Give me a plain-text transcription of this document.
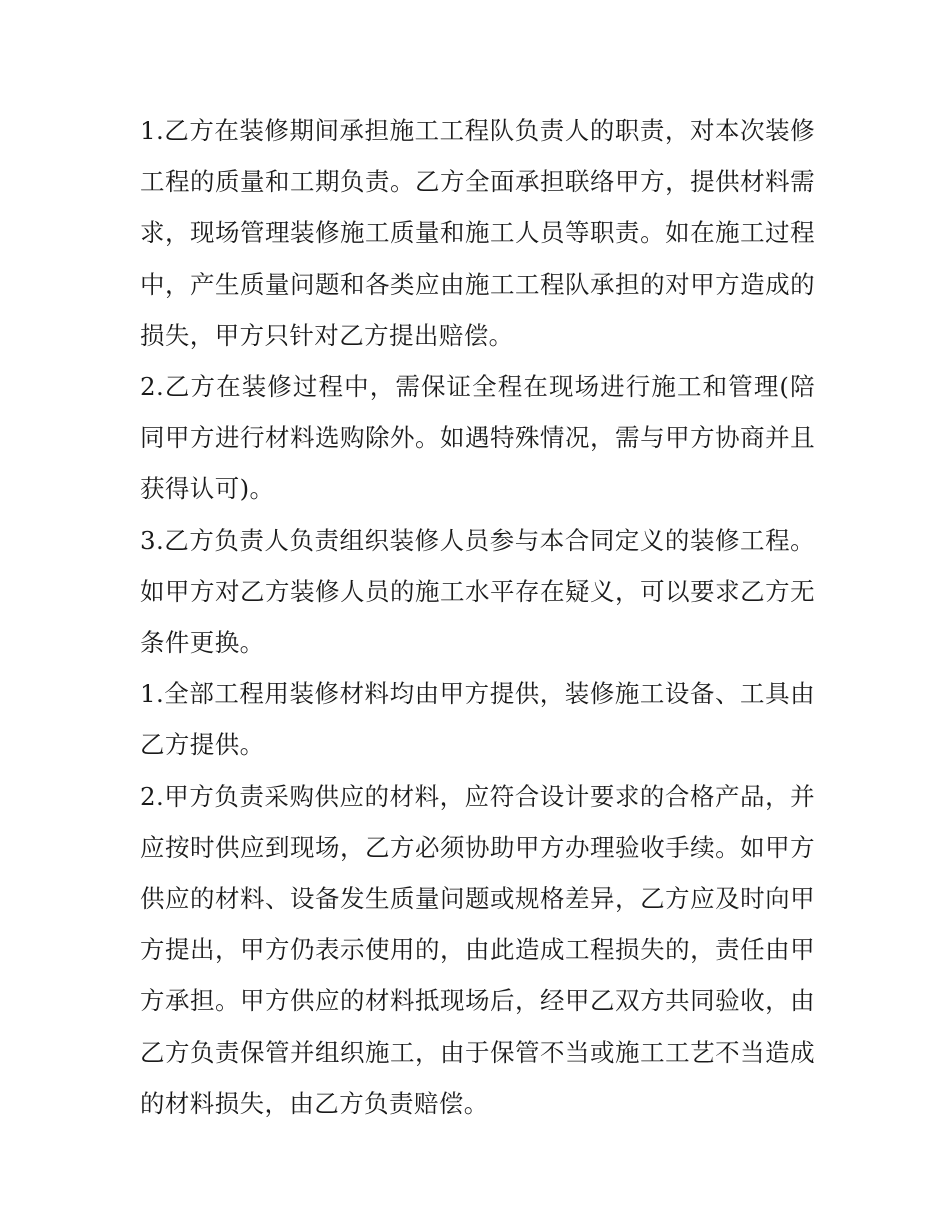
1.乙方在装修期间承担施工工程队负责人的职责，对本次装修工程的质量和工期负责。乙方全面承担联络甲方，提供材料需求，现场管理装修施工质量和施工人员等职责。如在施工过程中，产生质量问题和各类应由施工工程队承担的对甲方造成的损失，甲方只针对乙方提出赔偿。

2.乙方在装修过程中，需保证全程在现场进行施工和管理(陪同甲方进行材料选购除外。如遇特殊情况，需与甲方协商并且获得认可)。

3.乙方负责人负责组织装修人员参与本合同定义的装修工程。如甲方对乙方装修人员的施工水平存在疑义，可以要求乙方无条件更换。

1.全部工程用装修材料均由甲方提供，装修施工设备、工具由乙方提供。

2.甲方负责采购供应的材料，应符合设计要求的合格产品，并应按时供应到现场，乙方必须协助甲方办理验收手续。如甲方供应的材料、设备发生质量问题或规格差异，乙方应及时向甲方提出，甲方仍表示使用的，由此造成工程损失的，责任由甲方承担。甲方供应的材料抵现场后，经甲乙双方共同验收，由乙方负责保管并组织施工，由于保管不当或施工工艺不当造成的材料损失，由乙方负责赔偿。
